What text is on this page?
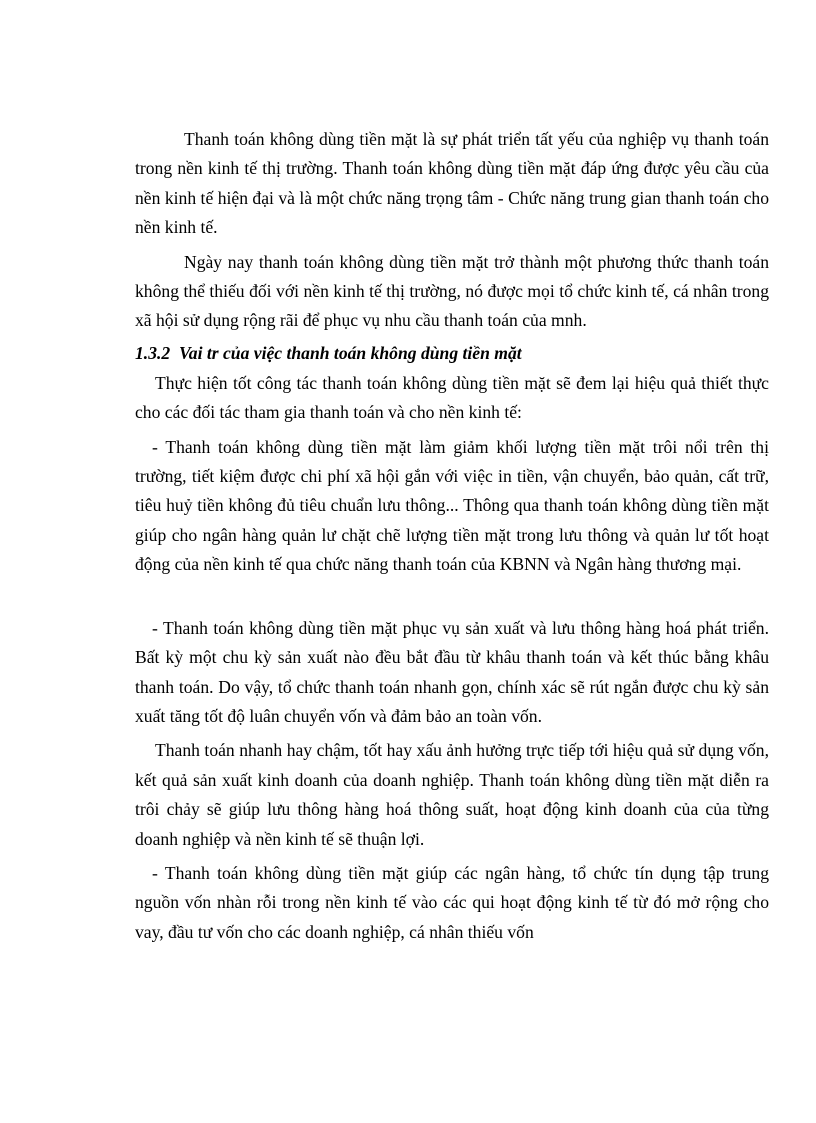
Thanh toán không dùng tiền mặt là sự phát triển tất yếu của nghiệp vụ thanh toán trong nền kinh tế thị trường. Thanh toán không dùng tiền mặt đáp ứng được yêu cầu của nền kinh tế hiện đại và là một chức năng trọng tâm - Chức năng trung gian thanh toán cho nền kinh tế.

Ngày nay thanh toán không dùng tiền mặt trở thành một phương thức thanh toán không thể thiếu đối với nền kinh tế thị trường, nó được mọi tổ chức kinh tế, cá nhân trong xã hội sử dụng rộng rãi để phục vụ nhu cầu thanh toán của mnh.

1.3.2  Vai tr của việc thanh toán không dùng tiền mặt

Thực hiện tốt công tác thanh toán không dùng tiền mặt sẽ đem lại hiệu quả thiết thực cho các đối tác tham gia thanh toán và cho nền kinh tế:

- Thanh toán không dùng tiền mặt làm giảm khối lượng tiền mặt trôi nổi trên thị trường, tiết kiệm được chi phí xã hội gắn với việc in tiền, vận chuyển, bảo quản, cất trữ, tiêu huỷ tiền không đủ tiêu chuẩn lưu thông... Thông qua thanh toán không dùng tiền mặt giúp cho ngân hàng quản lư chặt chẽ lượng tiền mặt trong lưu thông và quản lư tốt hoạt động của nền kinh tế qua chức năng thanh toán của KBNN và Ngân hàng thương mại.

- Thanh toán không dùng tiền mặt phục vụ sản xuất và lưu thông hàng hoá phát triển. Bất kỳ một chu kỳ sản xuất nào đều bắt đầu từ khâu thanh toán và kết thúc bằng khâu thanh toán. Do vậy, tổ chức thanh toán nhanh gọn, chính xác sẽ rút ngắn được chu kỳ sản xuất tăng tốt độ luân chuyển vốn và đảm bảo an toàn vốn.

Thanh toán nhanh hay chậm, tốt hay xấu ảnh hưởng trực tiếp tới hiệu quả sử dụng vốn, kết quả sản xuất kinh doanh của doanh nghiệp. Thanh toán không dùng tiền mặt diễn ra trôi chảy sẽ giúp lưu thông hàng hoá thông suất, hoạt động kinh doanh của của từng doanh nghiệp và nền kinh tế sẽ thuận lợi.

- Thanh toán không dùng tiền mặt giúp các ngân hàng, tổ chức tín dụng tập trung nguồn vốn nhàn rỗi trong nền kinh tế vào các qui hoạt động kinh tế từ đó mở rộng cho vay, đầu tư vốn cho các doanh nghiệp, cá nhân thiếu vốn
